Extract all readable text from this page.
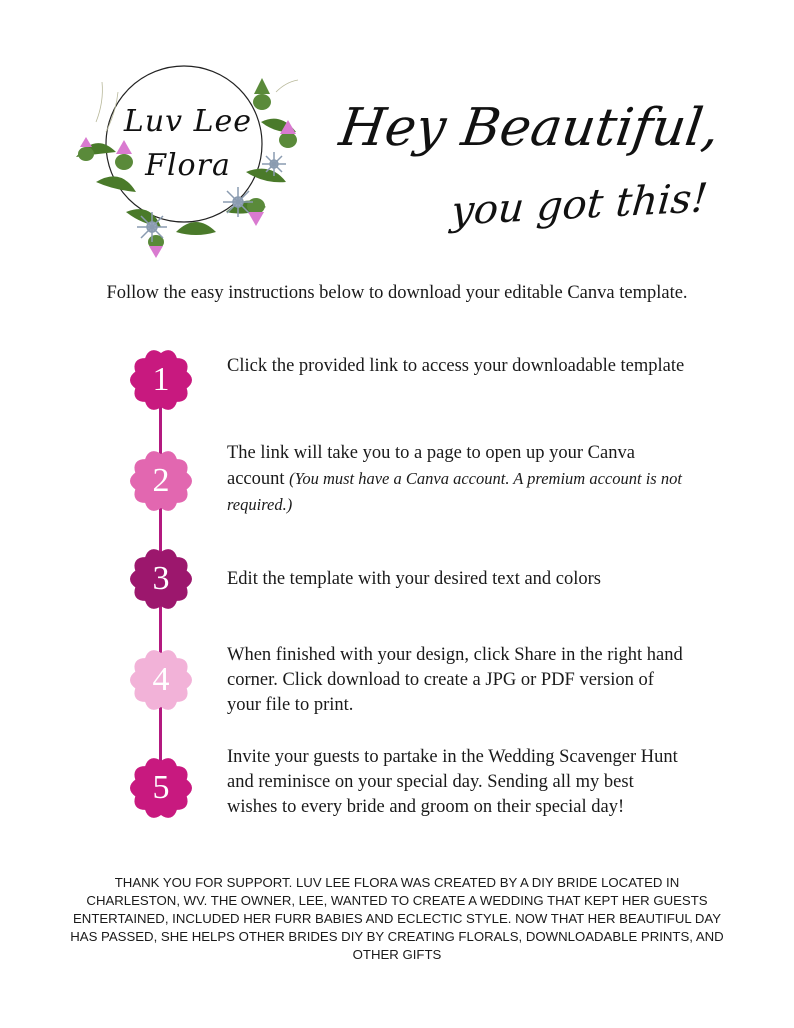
Luv Lee
Flora
Hey Beautiful,
you got this!
Follow the easy instructions below to download your editable Canva template.
1	Click the provided link to access your downloadable template
2
The link will take you to a page to open up your Canva account (You must have a Canva account. A premium account is not required.)
3	Edit the template with your desired text and colors
4
When finished with your design, click Share in the right hand corner. Click download to create a JPG or PDF version of your file to print.
5
Invite your guests to partake in the Wedding Scavenger Hunt and reminisce on your special day. Sending all my best wishes to every bride and groom on their special day!
THANK YOU FOR SUPPORT. LUV LEE FLORA WAS CREATED BY A DIY BRIDE LOCATED IN CHARLESTON, WV. THE OWNER, LEE, WANTED TO CREATE A WEDDING THAT KEPT HER GUESTS ENTERTAINED, INCLUDED HER FURR BABIES AND ECLECTIC STYLE. NOW THAT HER BEAUTIFUL DAY HAS PASSED, SHE HELPS OTHER BRIDES DIY BY CREATING FLORALS, DOWNLOADABLE PRINTS, AND OTHER GIFTS
